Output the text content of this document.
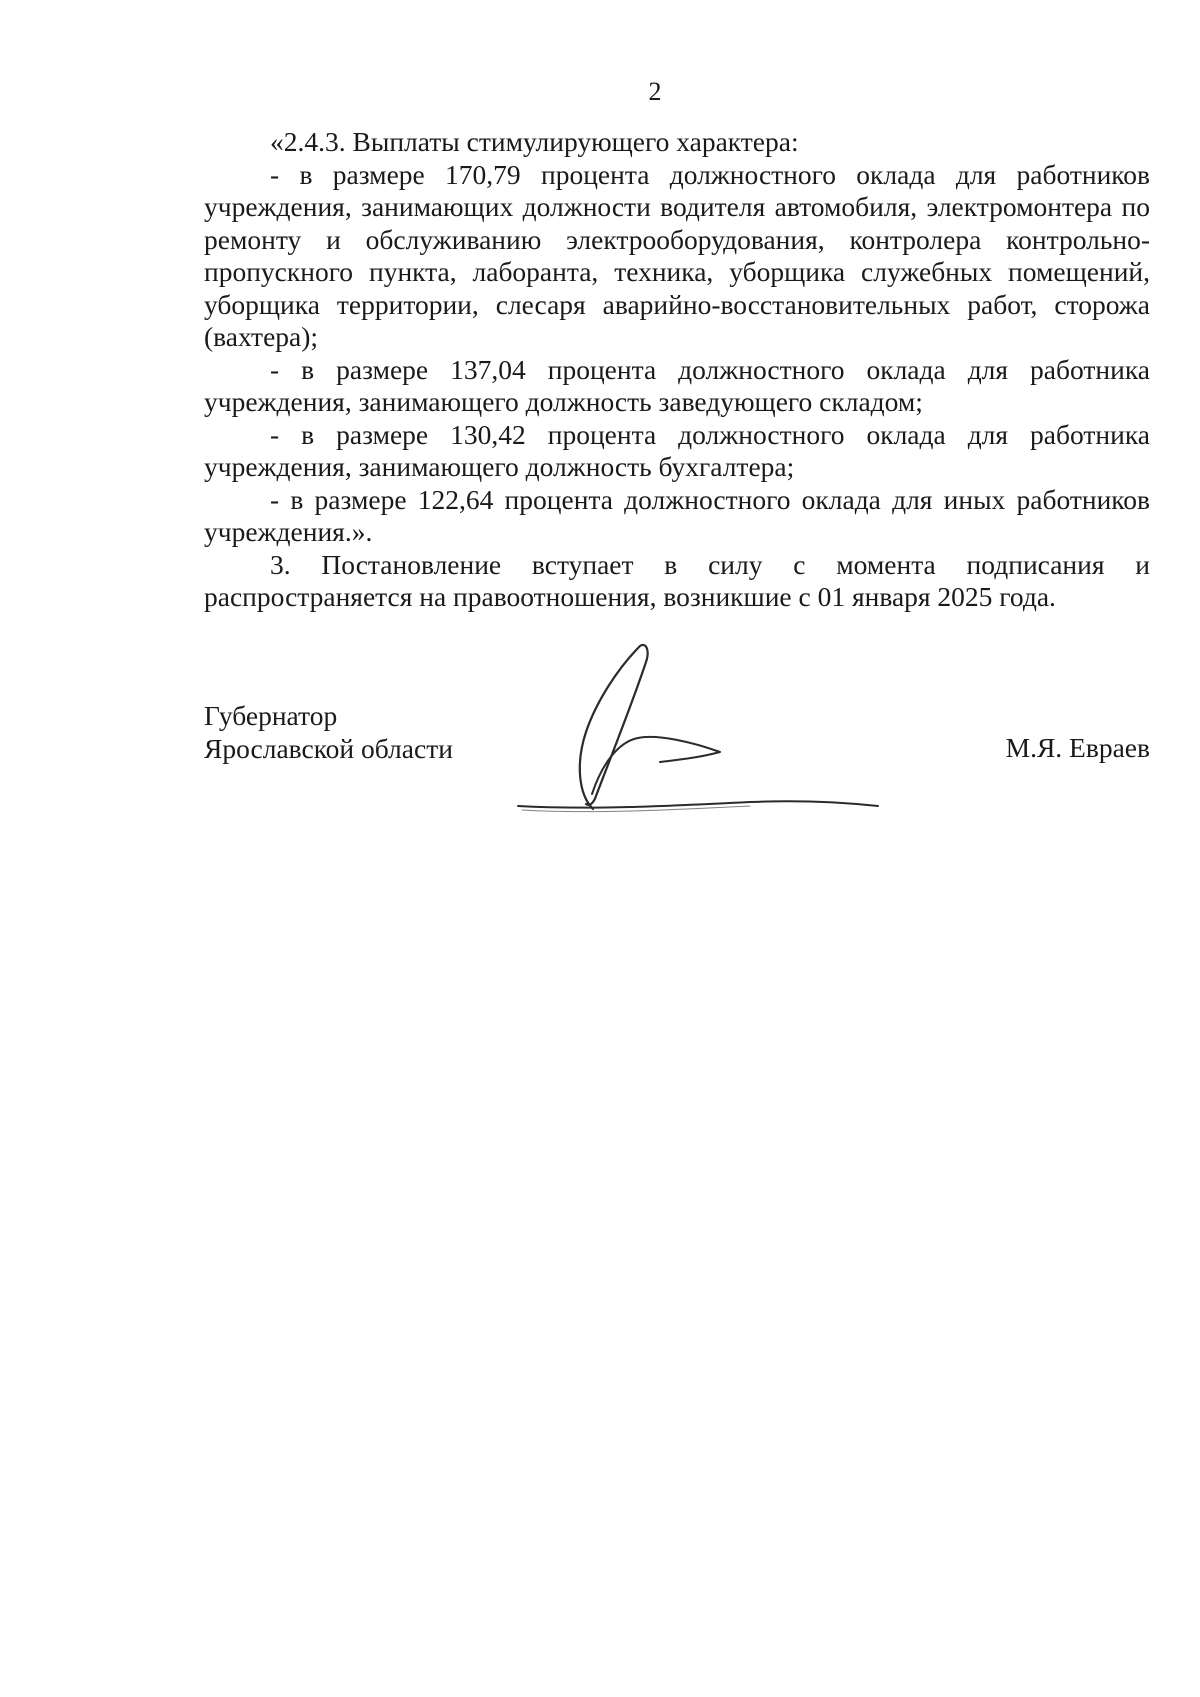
2

«2.4.3. Выплаты стимулирующего характера:

- в размере 170,79 процента должностного оклада для работников учреждения, занимающих должности водителя автомобиля, электромонтера по ремонту и обслуживанию электрооборудования, контролера контрольно-пропускного пункта, лаборанта, техника, уборщика служебных помещений, уборщика территории, слесаря аварийно-восстановительных работ, сторожа (вахтера);

- в размере 137,04 процента должностного оклада для работника учреждения, занимающего должность заведующего складом;

- в размере 130,42 процента должностного оклада для работника учреждения, занимающего должность бухгалтера;

- в размере 122,64 процента должностного оклада для иных работников учреждения.».

3. Постановление вступает в силу с момента подписания и распространяется на правоотношения, возникшие с 01 января 2025 года.

Губернатор
Ярославской области	М.Я. Евраев
